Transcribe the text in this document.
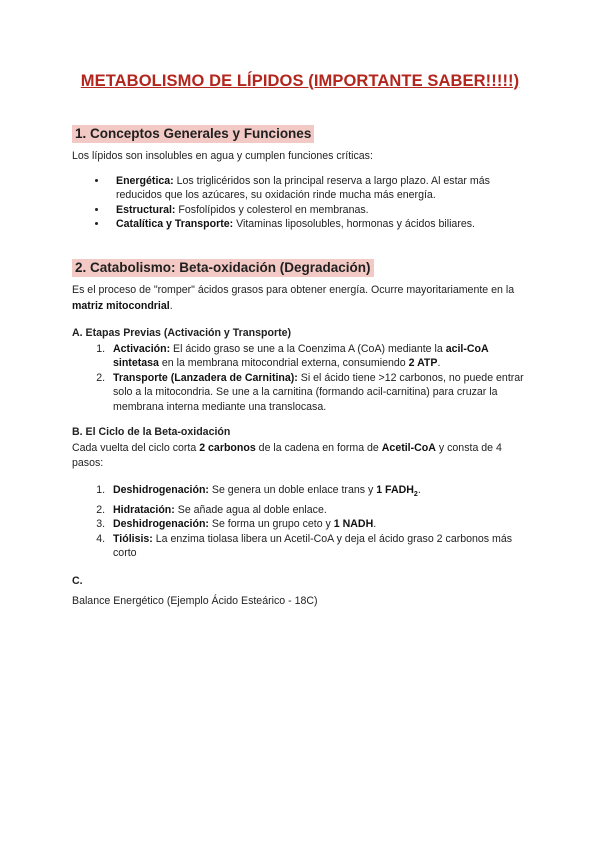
METABOLISMO DE LÍPIDOS (IMPORTANTE SABER!!!!!)
1. Conceptos Generales y Funciones

Los lípidos son insolubles en agua y cumplen funciones críticas:

• Energética: Los triglicéridos son la principal reserva a largo plazo. Al estar más reducidos que los azúcares, su oxidación rinde mucha más energía.
• Estructural: Fosfolípidos y colesterol en membranas.
• Catalítica y Transporte: Vitaminas liposolubles, hormonas y ácidos biliares.
2. Catabolismo: Beta-oxidación (Degradación)

Es el proceso de "romper" ácidos grasos para obtener energía. Ocurre mayoritariamente en la matriz mitocondrial.

A. Etapas Previas (Activación y Transporte)

1. Activación: El ácido graso se une a la Coenzima A (CoA) mediante la acil-CoA sintetasa en la membrana mitocondrial externa, consumiendo 2 ATP.
2. Transporte (Lanzadera de Carnitina): Si el ácido tiene >12 carbonos, no puede entrar solo a la mitocondria. Se une a la carnitina (formando acil-carnitina) para cruzar la membrana interna mediante una translocasa.

B. El Ciclo de la Beta-oxidación

Cada vuelta del ciclo corta 2 carbonos de la cadena en forma de Acetil-CoA y consta de 4 pasos:

1. Deshidrogenación: Se genera un doble enlace trans y 1 $FADH_2$.
2. Hidratación: Se añade agua al doble enlace.
3. Deshidrogenación: Se forma un grupo ceto y 1 NADH.
4. Tiólisis: La enzima tiolasa libera un Acetil-CoA y deja el ácido graso 2 carbonos más corto

C.

Balance Energético (Ejemplo Ácido Esteárico - 18C)
